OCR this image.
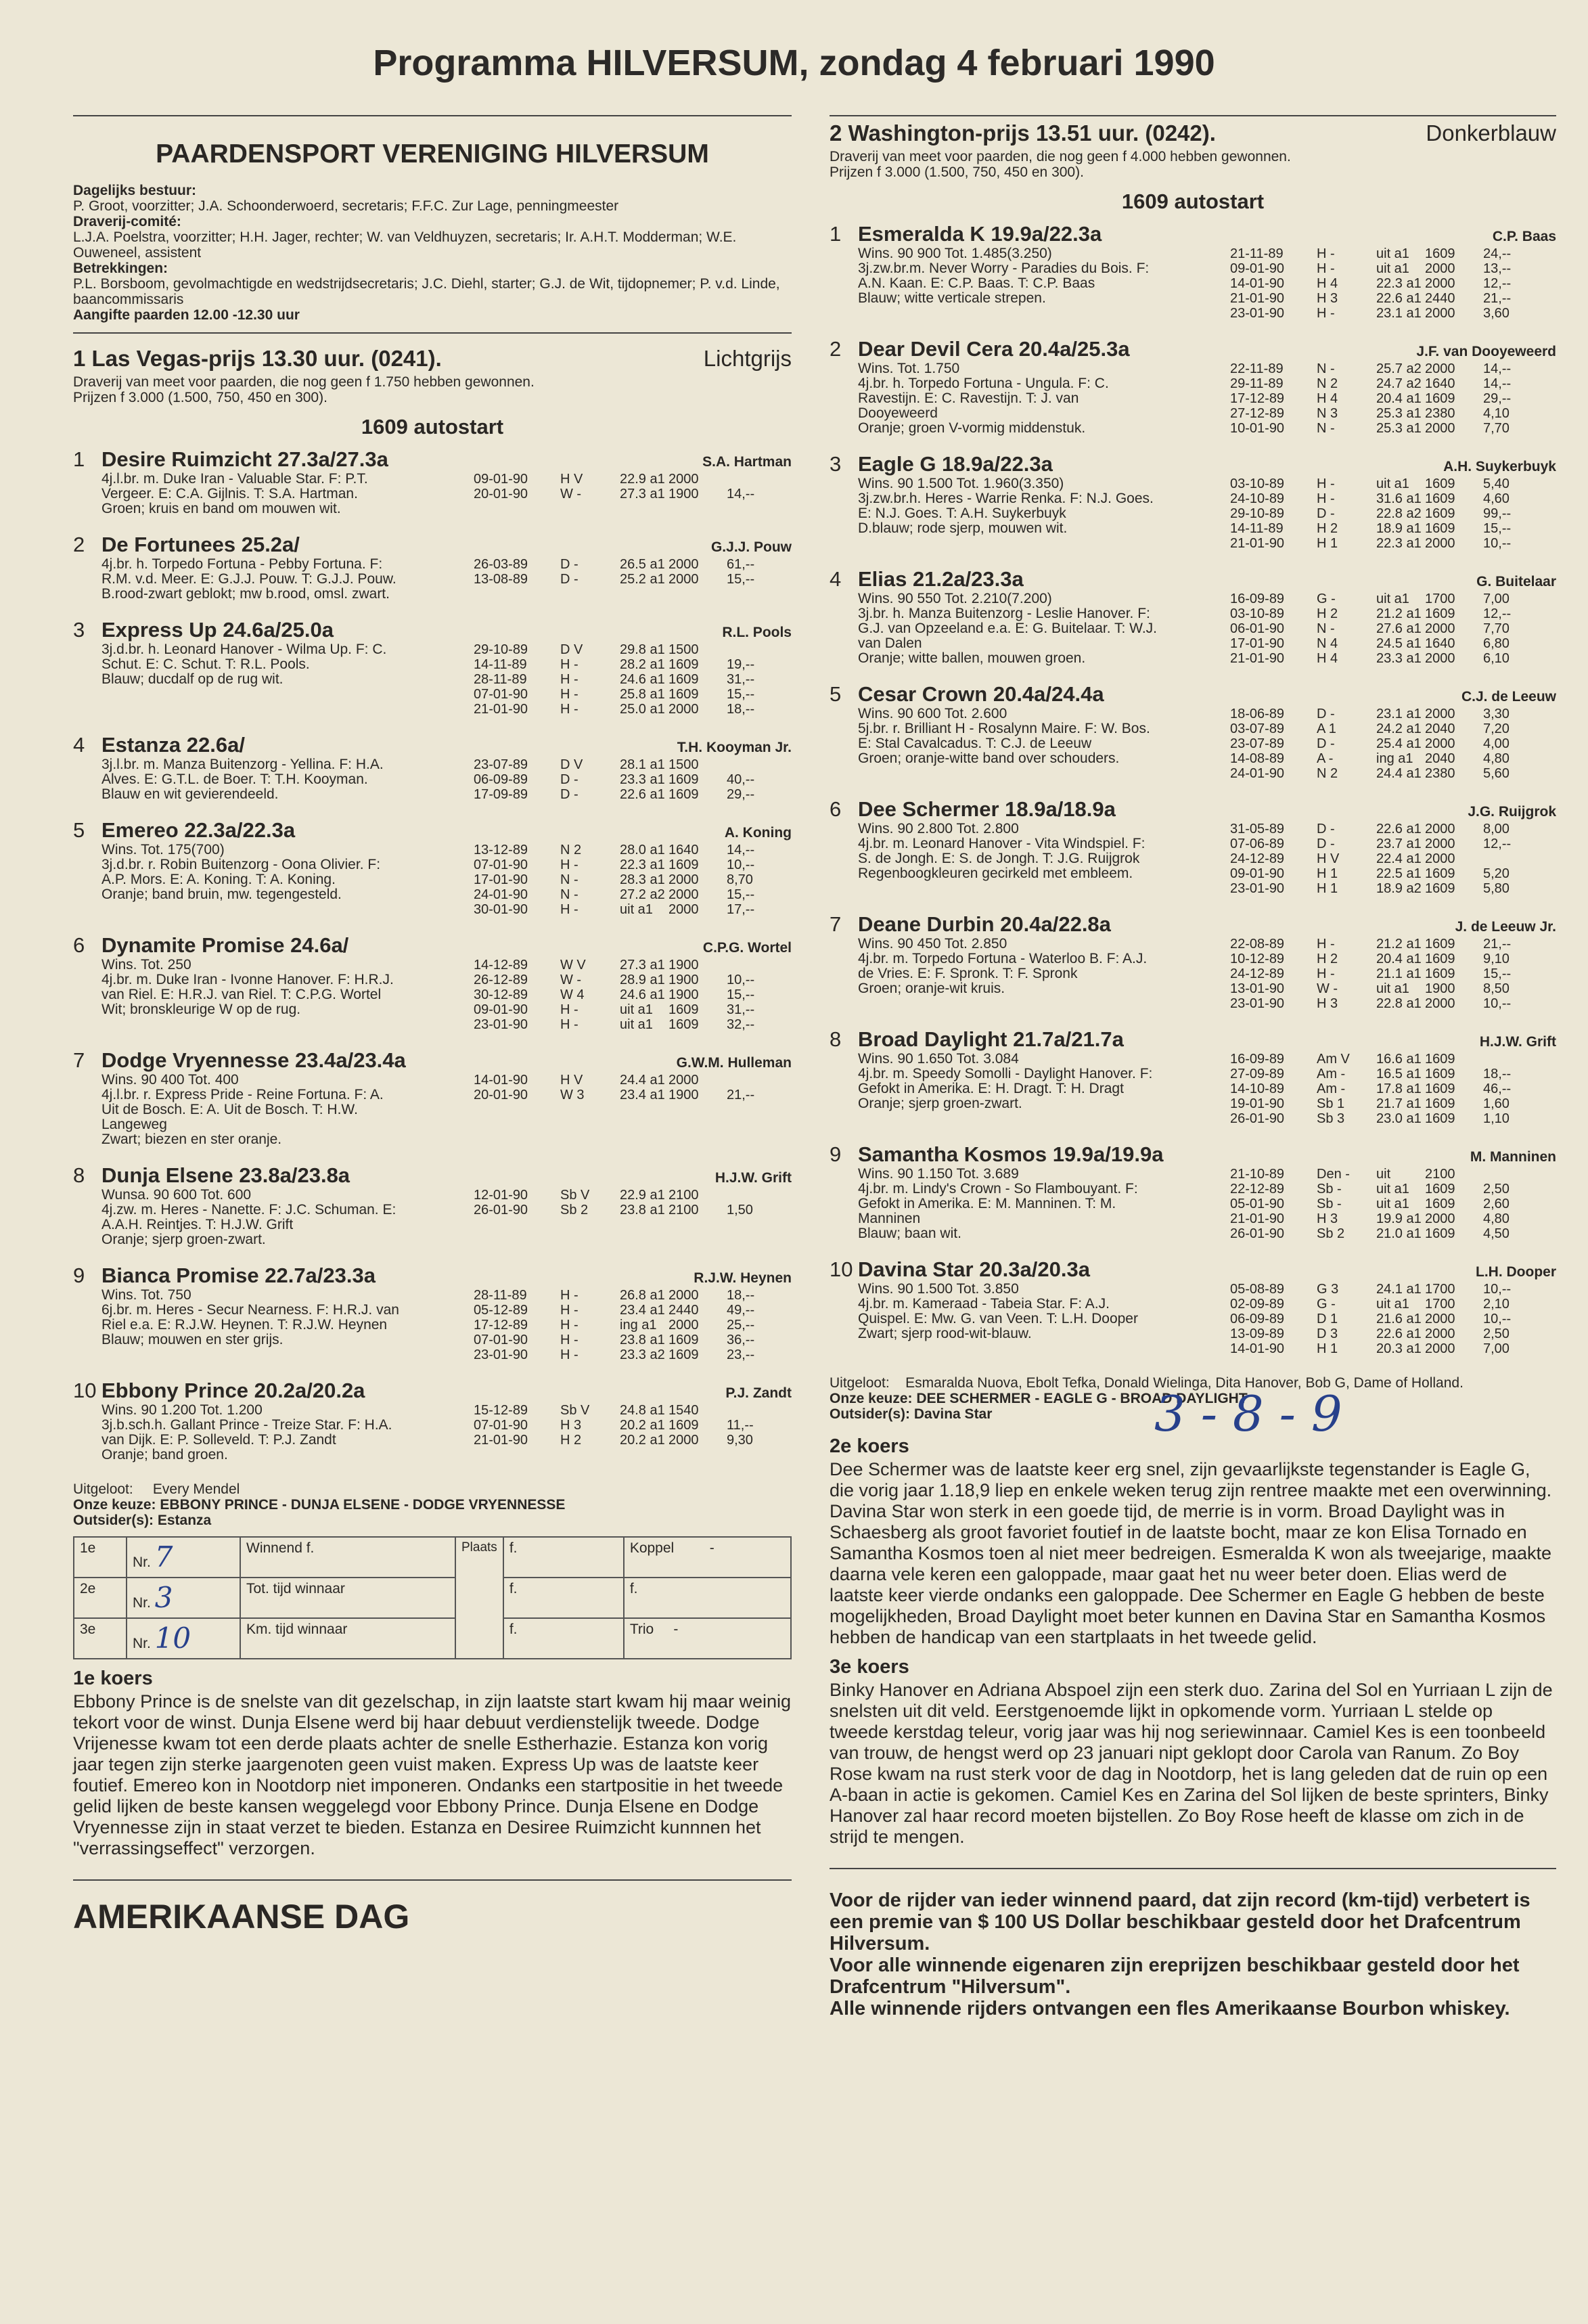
Programma HILVERSUM, zondag 4 februari 1990
PAARDENSPORT VERENIGING HILVERSUM

Dagelijks bestuur:

P. Groot, voorzitter; J.A. Schoonderwoerd, secretaris; F.F.C. Zur Lage, penningmeester

Draverij-comité:

L.J.A. Poelstra, voorzitter; H.H. Jager, rechter; W. van Veldhuyzen, secretaris; Ir. A.H.T. Modderman; W.E. Ouweneel, assistent

Betrekkingen:

P.L. Borsboom, gevolmachtigde en wedstrijdsecretaris; J.C. Diehl, starter; G.J. de Wit, tijdopnemer; P. v.d. Linde, baancommissaris

Aangifte paarden 12.00 -12.30 uur

1 Las Vegas-prijs 13.30 uur. (0241).	Lichtgrijs
Draverij van meet voor paarden, die nog geen f 1.750 hebben gewonnen.
Prijzen f 3.000 (1.500, 750, 450 en 300).
1609 autostart
1 Desire Ruimzicht 27.3a/27.3a	S.A. Hartman
4j.l.br. m. Duke Iran - Valuable Star. F: P.T.
Vergeer. E: C.A. Gijlnis. T: S.A. Hartman.
Groen; kruis en band om mouwen wit.
09-01-90	H V	22.9 a1 2000
20-01-90	W -	27.3 a1 1900	14,--
2 De Fortunees 25.2a/	G.J.J. Pouw
4j.br. h. Torpedo Fortuna - Pebby Fortuna. F:
R.M. v.d. Meer. E: G.J.J. Pouw. T: G.J.J. Pouw.
B.rood-zwart geblokt; mw b.rood, omsl. zwart.
26-03-89	D -	26.5 a1 2000	61,--
13-08-89	D -	25.2 a1 2000	15,--
3 Express Up 24.6a/25.0a	R.L. Pools
3j.d.br. h. Leonard Hanover - Wilma Up. F: C.
Schut. E: C. Schut. T: R.L. Pools.
Blauw; ducdalf op de rug wit.
29-10-89	D V	29.8 a1 1500
14-11-89	H -	28.2 a1 1609	19,--
28-11-89	H -	24.6 a1 1609	31,--
07-01-90	H -	25.8 a1 1609	15,--
21-01-90	H -	25.0 a1 2000	18,--
4 Estanza 22.6a/	T.H. Kooyman Jr.
3j.l.br. m. Manza Buitenzorg - Yellina. F: H.A.
Alves. E: G.T.L. de Boer. T: T.H. Kooyman.
Blauw en wit gevierendeeld.
23-07-89	D V	28.1 a1 1500
06-09-89	D -	23.3 a1 1609	40,--
17-09-89	D -	22.6 a1 1609	29,--
5 Emereo 22.3a/22.3a	A. Koning
Wins. Tot. 175(700)
3j.d.br. r. Robin Buitenzorg - Oona Olivier. F:
A.P. Mors. E: A. Koning. T: A. Koning.
Oranje; band bruin, mw. tegengesteld.
13-12-89	N 2	28.0 a1 1640	14,--
07-01-90	H -	22.3 a1 1609	10,--
17-01-90	N -	28.3 a1 2000	8,70
24-01-90	N -	27.2 a2 2000	15,--
30-01-90	H -	uit a1	2000	17,--
6 Dynamite Promise 24.6a/	C.P.G. Wortel
Wins. Tot. 250
4j.br. m. Duke Iran - Ivonne Hanover. F: H.R.J.
van Riel. E: H.R.J. van Riel. T: C.P.G. Wortel
Wit; bronskleurige W op de rug.
14-12-89	W V	27.3 a1 1900
26-12-89	W -	28.9 a1 1900	10,--
30-12-89	W 4	24.6 a1 1900	15,--
09-01-90	H -	uit a1	1609	31,--
23-01-90	H -	uit a1	1609	32,--
7 Dodge Vryennesse 23.4a/23.4a	G.W.M. Hulleman
Wins. 90 400 Tot. 400
4j.l.br. r. Express Pride - Reine Fortuna. F: A.
Uit de Bosch. E: A. Uit de Bosch. T: H.W.
Langeweg
Zwart; biezen en ster oranje.
14-01-90	H V	24.4 a1 2000
20-01-90	W 3	23.4 a1 1900	21,--
8 Dunja Elsene 23.8a/23.8a	H.J.W. Grift
Wunsa. 90 600 Tot. 600
4j.zw. m. Heres - Nanette. F: J.C. Schuman. E:
A.A.H. Reintjes. T: H.J.W. Grift
Oranje; sjerp groen-zwart.
12-01-90	Sb V	22.9 a1 2100
26-01-90	Sb 2	23.8 a1 2100	1,50
9 Bianca Promise 22.7a/23.3a	R.J.W. Heynen
Wins. Tot. 750
6j.br. m. Heres - Secur Nearness. F: H.R.J. van
Riel e.a. E: R.J.W. Heynen. T: R.J.W. Heynen
Blauw; mouwen en ster grijs.
28-11-89	H -	26.8 a1 2000	18,--
05-12-89	H -	23.4 a1 2440	49,--
17-12-89	H -	ing a1 2000	25,--
07-01-90	H -	23.8 a1 1609	36,--
23-01-90	H -	23.3 a2 1609	23,--
10 Ebbony Prince 20.2a/20.2a	P.J. Zandt
Wins. 90 1.200 Tot. 1.200
3j.b.sch.h. Gallant Prince - Treize Star. F: H.A.
van Dijk. E: P. Solleveld. T: P.J. Zandt
Oranje; band groen.
15-12-89	Sb V	24.8 a1 1540
07-01-90	H 3	20.2 a1 1609	11,--
21-01-90	H 2	20.2 a1 2000	9,30
Uitgeloot: Every Mendel
Onze keuze: EBBONY PRINCE - DUNJA ELSENE - DODGE VRYENNESSE
Outsider(s): Estanza
1e	Nr. 7	Winnend f.	Plaats	f.	Koppel -
2e	Nr. 3	Tot. tijd winnaar		f.	f.
3e	Nr. 10	Km. tijd winnaar		f.	Trio -
1e koers
Ebbony Prince is de snelste van dit gezelschap, in zijn laatste start kwam hij maar weinig tekort voor de winst. Dunja Elsene werd bij haar debuut verdienstelijk tweede. Dodge Vrijenesse kwam tot een derde plaats achter de snelle Estherhazie. Estanza kon vorig jaar tegen zijn sterke jaargenoten geen vuist maken. Express Up was de laatste keer foutief. Emereo kon in Nootdorp niet imponeren. Ondanks een startpositie in het tweede gelid lijken de beste kansen weggelegd voor Ebbony Prince. Dunja Elsene en Dodge Vryennesse zijn in staat verzet te bieden. Estanza en Desiree Ruimzicht kunnnen het "verrassingseffect" verzorgen.
AMERIKAANSE DAG
2 Washington-prijs 13.51 uur. (0242).	Donkerblauw
Draverij van meet voor paarden, die nog geen f 4.000 hebben gewonnen.
Prijzen f 3.000 (1.500, 750, 450 en 300).
1609 autostart
1 Esmeralda K 19.9a/22.3a	C.P. Baas
Wins. 90 900 Tot. 1.485(3.250)
3j.zw.br.m. Never Worry - Paradies du Bois. F:
A.N. Kaan. E: C.P. Baas. T: C.P. Baas
Blauw; witte verticale strepen.
21-11-89	H -	uit a1	1609	24,--
09-01-90	H -	uit a1	2000	13,--
14-01-90	H 4	22.3 a1 2000	12,--
21-01-90	H 3	22.6 a1 2440	21,--
23-01-90	H -	23.1 a1 2000	3,60
2 Dear Devil Cera 20.4a/25.3a	J.F. van Dooyeweerd
Wins. Tot. 1.750
4j.br. h. Torpedo Fortuna - Ungula. F: C.
Ravestijn. E: C. Ravestijn. T: J. van
Dooyeweerd
Oranje; groen V-vormig middenstuk.
22-11-89	N -	25.7 a2 2000	14,--
29-11-89	N 2	24.7 a2 1640	14,--
17-12-89	H 4	20.4 a1 1609	29,--
27-12-89	N 3	25.3 a1 2380	4,10
10-01-90	N -	25.3 a1 2000	7,70
3 Eagle G 18.9a/22.3a	A.H. Suykerbuyk
Wins. 90 1.500 Tot. 1.960(3.350)
3j.zw.br.h. Heres - Warrie Renka. F: N.J. Goes.
E: N.J. Goes. T: A.H. Suykerbuyk
D.blauw; rode sjerp, mouwen wit.
03-10-89	H -	uit a1	1609	5,40
24-10-89	H -	31.6 a1 1609	4,60
29-10-89	D -	22.8 a2 1609	99,--
14-11-89	H 2	18.9 a1 1609	15,--
21-01-90	H 1	22.3 a1 2000	10,--
4 Elias 21.2a/23.3a	G. Buitelaar
Wins. 90 550 Tot. 2.210(7.200)
3j.br. h. Manza Buitenzorg - Leslie Hanover. F:
G.J. van Opzeeland e.a. E: G. Buitelaar. T: W.J.
van Dalen
Oranje; witte ballen, mouwen groen.
16-09-89	G -	uit a1	1700	7,00
03-10-89	H 2	21.2 a1 1609	12,--
06-01-90	N -	27.6 a1 2000	7,70
17-01-90	N 4	24.5 a1 1640	6,80
21-01-90	H 4	23.3 a1 2000	6,10
5 Cesar Crown 20.4a/24.4a	C.J. de Leeuw
Wins. 90 600 Tot. 2.600
5j.br. r. Brilliant H - Rosalynn Maire. F: W. Bos.
E: Stal Cavalcadus. T: C.J. de Leeuw
Groen; oranje-witte band over schouders.
18-06-89	D -	23.1 a1 2000	3,30
03-07-89	A 1	24.2 a1 2040	7,20
23-07-89	D -	25.4 a1 2000	4,00
14-08-89	A -	ing a1 2040	4,80
24-01-90	N 2	24.4 a1 2380	5,60
6 Dee Schermer 18.9a/18.9a	J.G. Ruijgrok
Wins. 90 2.800 Tot. 2.800
4j.br. m. Leonard Hanover - Vita Windspiel. F:
S. de Jongh. E: S. de Jongh. T: J.G. Ruijgrok
Regenboogkleuren gecirkeld met embleem.
31-05-89	D -	22.6 a1 2000	8,00
07-06-89	D -	23.7 a1 2000	12,--
24-12-89	H V	22.4 a1 2000
09-01-90	H 1	22.5 a1 1609	5,20
23-01-90	H 1	18.9 a2 1609	5,80
7 Deane Durbin 20.4a/22.8a	J. de Leeuw Jr.
Wins. 90 450 Tot. 2.850
4j.br. m. Torpedo Fortuna - Waterloo B. F: A.J.
de Vries. E: F. Spronk. T: F. Spronk
Groen; oranje-wit kruis.
22-08-89	H -	21.2 a1 1609	21,--
10-12-89	H 2	20.4 a1 1609	9,10
24-12-89	H -	21.1 a1 1609	15,--
13-01-90	W -	uit a1	1900	8,50
23-01-90	H 3	22.8 a1 2000	10,--
8 Broad Daylight 21.7a/21.7a	H.J.W. Grift
Wins. 90 1.650 Tot. 3.084
4j.br. m. Speedy Somolli - Daylight Hanover. F:
Gefokt in Amerika. E: H. Dragt. T: H. Dragt
Oranje; sjerp groen-zwart.
16-09-89	Am V	16.6 a1 1609
27-09-89	Am -	16.5 a1 1609	18,--
14-10-89	Am -	17.8 a1 1609	46,--
19-01-90	Sb 1	21.7 a1 1609	1,60
26-01-90	Sb 3	23.0 a1 1609	1,10
9 Samantha Kosmos 19.9a/19.9a	M. Manninen
Wins. 90 1.150 Tot. 3.689
4j.br. m. Lindy's Crown - So Flambouyant. F:
Gefokt in Amerika. E: M. Manninen. T: M.
Manninen
Blauw; baan wit.
21-10-89	Den -	uit	2100
22-12-89	Sb -	uit a1	1609	2,50
05-01-90	Sb -	uit a1	1609	2,60
21-01-90	H 3	19.9 a1 2000	4,80
26-01-90	Sb 2	21.0 a1 1609	4,50
10 Davina Star 20.3a/20.3a	L.H. Dooper
Wins. 90 1.500 Tot. 3.850
4j.br. m. Kameraad - Tabeia Star. F: A.J.
Quispel. E: Mw. G. van Veen. T: L.H. Dooper
Zwart; sjerp rood-wit-blauw.
05-08-89	G 3	24.1 a1 1700	10,--
02-09-89	G -	uit a1	1700	2,10
06-09-89	D 1	21.6 a1 2000	10,--
13-09-89	D 3	22.6 a1 2000	2,50
14-01-90	H 1	20.3 a1 2000	7,00
Uitgeloot: Esmaralda Nuova, Ebolt Tefka, Donald Wielinga, Dita Hanover, Bob G, Dame of Holland.
Onze keuze: DEE SCHERMER - EAGLE G - BROAD DAYLIGHT
Outsider(s): Davina Star	3 - 8 - 9
2e koers
Dee Schermer was de laatste keer erg snel, zijn gevaarlijkste tegenstander is Eagle G, die vorig jaar 1.18,9 liep en enkele weken terug zijn rentree maakte met een overwinning. Davina Star won sterk in een goede tijd, de merrie is in vorm. Broad Daylight was in Schaesberg als groot favoriet foutief in de laatste bocht, maar ze kon Elisa Tornado en Samantha Kosmos toen al niet meer bedreigen. Esmeralda K won als tweejarige, maakte daarna vele keren een galoppade, maar gaat het nu weer beter doen. Elias werd de laatste keer vierde ondanks een galoppade. Dee Schermer en Eagle G hebben de beste mogelijkheden, Broad Daylight moet beter kunnen en Davina Star en Samantha Kosmos hebben de handicap van een startplaats in het tweede gelid.
3e koers
Binky Hanover en Adriana Abspoel zijn een sterk duo. Zarina del Sol en Yurriaan L zijn de snelsten uit dit veld. Eerstgenoemde lijkt in opkomende vorm. Yurriaan L stelde op tweede kerstdag teleur, vorig jaar was hij nog seriewinnaar. Camiel Kes is een toonbeeld van trouw, de hengst werd op 23 januari nipt geklopt door Carola van Ranum. Zo Boy Rose kwam na rust sterk voor de dag in Nootdorp, het is lang geleden dat de ruin op een A-baan in actie is gekomen. Camiel Kes en Zarina del Sol lijken de beste sprinters, Binky Hanover zal haar record moeten bijstellen. Zo Boy Rose heeft de klasse om zich in de strijd te mengen.
Voor de rijder van ieder winnend paard, dat zijn record (km-tijd) verbetert is een premie van $ 100 US Dollar beschikbaar gesteld door het Drafcentrum Hilversum.
Voor alle winnende eigenaren zijn ereprijzen beschikbaar gesteld door het Drafcentrum "Hilversum".
Alle winnende rijders ontvangen een fles Amerikaanse Bourbon whiskey.
